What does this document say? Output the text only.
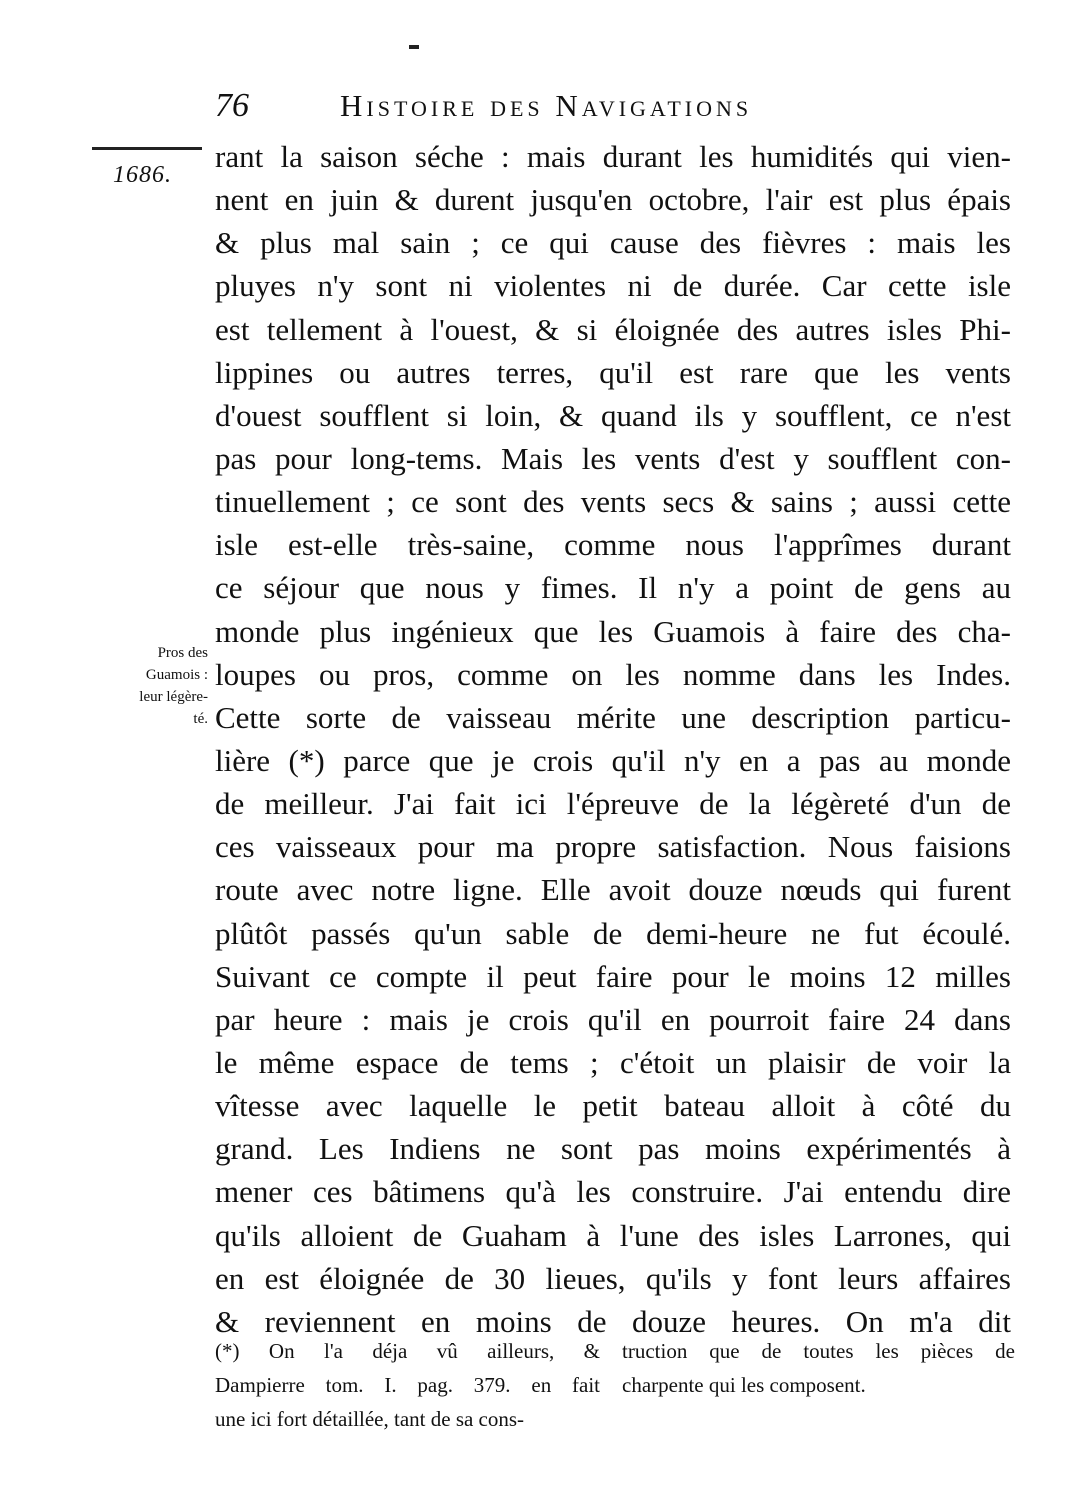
76	Histoire des Navigations
1686.
Pros des
Guamois :
leur légère-
té.
rant la saison séche : mais durant les humidités qui vien-
nent en juin & durent jusqu'en octobre, l'air est plus épais
& plus mal sain ; ce qui cause des fièvres : mais les
pluyes n'y sont ni violentes ni de durée. Car cette isle
est tellement à l'ouest, & si éloignée des autres isles Phi-
lippines ou autres terres, qu'il est rare que les vents
d'ouest soufflent si loin, & quand ils y soufflent, ce n'est
pas pour long-tems. Mais les vents d'est y soufflent con-
tinuellement ; ce sont des vents secs & sains ; aussi cette
isle est-elle très-saine, comme nous l'apprîmes durant
ce séjour que nous y fimes. Il n'y a point de gens au
monde plus ingénieux que les Guamois à faire des cha-
loupes ou pros, comme on les nomme dans les Indes.
Cette sorte de vaisseau mérite une description particu-
lière (*) parce que je crois qu'il n'y en a pas au monde
de meilleur. J'ai fait ici l'épreuve de la légèreté d'un de
ces vaisseaux pour ma propre satisfaction. Nous faisions
route avec notre ligne. Elle avoit douze nœuds qui furent
plûtôt passés qu'un sable de demi-heure ne fut écoulé.
Suivant ce compte il peut faire pour le moins 12 milles
par heure : mais je crois qu'il en pourroit faire 24 dans
le même espace de tems ; c'étoit un plaisir de voir la
vîtesse avec laquelle le petit bateau alloit à côté du
grand. Les Indiens ne sont pas moins expérimentés à
mener ces bâtimens qu'à les construire. J'ai entendu dire
qu'ils alloient de Guaham à l'une des isles Larrones, qui
en est éloignée de 30 lieues, qu'ils y font leurs affaires
& reviennent en moins de douze heures. On m'a dit
(*) On l'a déja vû ailleurs, &
Dampierre tom. I. pag. 379. en fait
une ici fort détaillée, tant de sa cons-
truction que de toutes les pièces de
charpente qui les composent.
